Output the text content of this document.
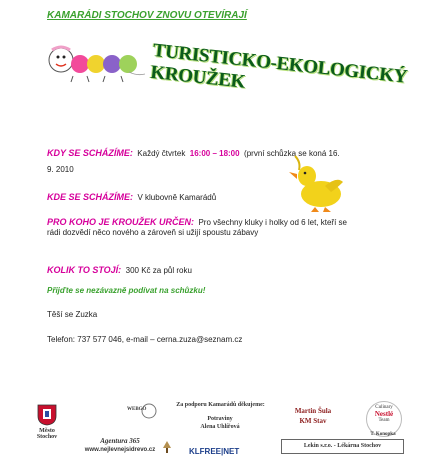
KAMARÁDI STOCHOV ZNOVU OTEVÍRAJÍ
TURISTICKO-EKOLOGICKÝ KROUŽEK
KDY SE SCHÁZÍME: Každý čtvrtek 16:00 – 18:00 (první schůzka se koná 16.
9. 2010
KDE SE SCHÁZÍME: V klubovně Kamarádů
PRO KOHO JE KROUŽEK URČEN: Pro všechny kluky i holky od 6 let, kteří se
rádi dozvědí něco nového a zároveň si užijí spoustu zábavy
KOLIK TO STOJÍ: 300 Kč za půl roku
Přijďte se nezávazně podívat na schůzku!
Těší se Zuzka
Telefon: 737 577 046, e-mail – cerna.zuza@seznam.cz
Město Stochov
WEBGO
Za podporu Kamarádů děkujeme:
Potraviny
Alena Uhlířová
Martin Šula
KM Stav
Culinary
Nestlé
Team
T. Konopka
Agentura 365
www.nejlevnejsidrevo.cz	KLFREE|NET
Lekin s.r.o. - Lékárna Stochov
